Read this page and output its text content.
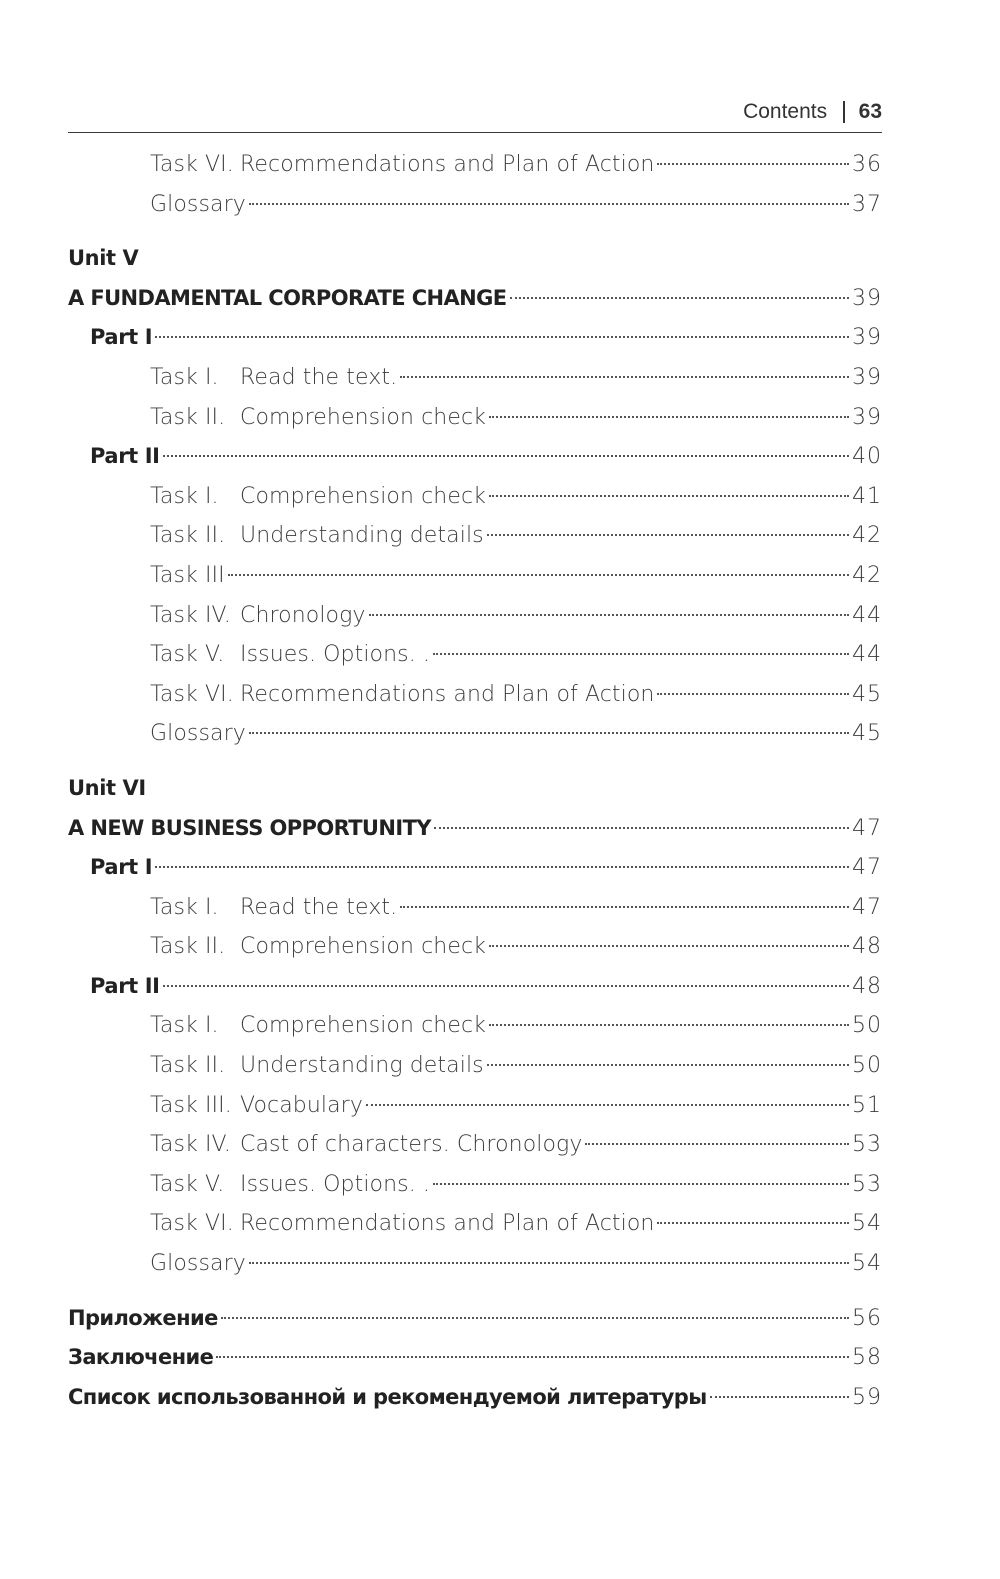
Contents 63
Task VI. Recommendations and Plan of Action	36
Glossary	37
Unit V
A FUNDAMENTAL CORPORATE CHANGE	39
Part I	39
Task I. Read the text.	39
Task II. Comprehension check	39
Part II	40
Task I. Comprehension check	41
Task II. Understanding details	42
Task III	42
Task IV. Chronology	44
Task V. Issues. Options. .	44
Task VI. Recommendations and Plan of Action	45
Glossary	45
Unit VI
A NEW BUSINESS OPPORTUNITY	47
Part I	47
Task I. Read the text.	47
Task II. Comprehension check	48
Part II	48
Task I. Comprehension check	50
Task II. Understanding details	50
Task III. Vocabulary	51
Task IV. Cast of characters. Chronology	53
Task V. Issues. Options. .	53
Task VI. Recommendations and Plan of Action	54
Glossary	54
Приложение	56
Заключение	58
Список использованной и рекомендуемой литературы	59
